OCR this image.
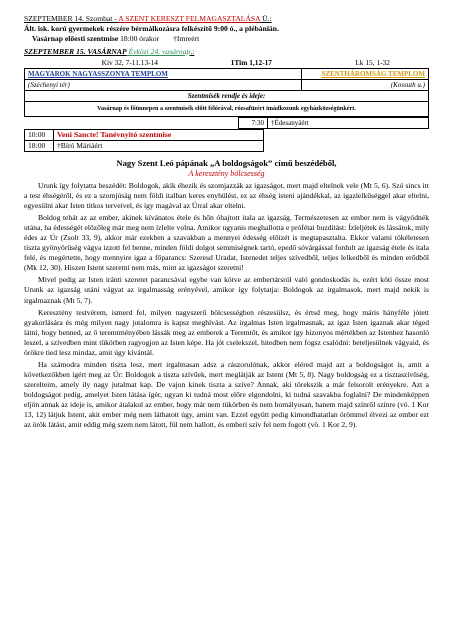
SZEPTEMBER 14. Szombat - A SZENT KERESZT FELMAGASZTALÁSA Ü.:
Ált. isk. korú gyermekek részére bérmálkozásra felkészítő 9:00 ó., a plébánián.
Vasárnap előesti szentmise 18:00 órakor †Imreért
SZEPTEMBER 15. VASÁRNAP Évközi 24. vasárnap.:
Kiv 32, 7-11.13-14	1Tim 1,12-17	Lk 15, 1-32
MAGYAROK NAGYASSZONYA TEMPLOM	SZENTHÁROMSÁG TEMPLOM
(Széchenyi tér)	(Kossuth u.)
Szentmisék rendje és ideje:	
Vasárnap és főünnepen a szentmisék előtt félórával, rózsafüzért imádkozunk egyházközségünkért.	
	7:30	†Édesanyáért
10:00	Veni Sancte! Tanévnyitó szentmise
18:00	†Bíró Máriáért
Nagy Szent Leó pápának „A boldogságok” című beszédéből,
A keresztény bölcsesség

Urunk így folytatta beszédét: Boldogok, akik éhezik és szomjazzák az igazságot, mert majd eltelnek vele (Mt 5, 6). Szó sincs itt a test éhségéről, és ez a szomjúság nem földi italban keres enyhülést, ez az éhség isteni ajándékkal, az igazlelkűséggel akar eltelni, egyesülni akar Isten titkos terveivel, és így magával az Úrral akar eltelni.

Boldog tehát az az ember, akinek kívánatos étele és hőn óhajtott itala az igazság. Természetesen az ember nem is vágyódnék utána, ha édességét előzőleg már meg nem ízlelte volna. Amikor ugyanis meghallotta e prófétai buzdítást: Ízleljétek és lássátok, mily édes az Úr (Zsolt 33, 9), akkor már ezekben a szavakban a mennyei édesség előízét is megtapasztalta. Ekkor valami tökéletesen tiszta gyönyörűség vágya izzott fel benne, minden földi dolgot semmiségnek tartó, epedő sóvárgással fordult az igazság étele és itala felé, és megértette, hogy mennyire igaz a főparancs: Szeresd Uradat, Istenedet teljes szívedből, teljes lelkedből és minden erődből (Mk 12, 30). Hiszen Istent szeretni nem más, mint az igazságot szeretni!

Mivel pedig az Isten iránti szeretet parancsával egybe van kötve az embertársról való gondoskodás is, ezért köti össze most Urunk az igazság utáni vágyat az irgalmasság erényével, amikor így folytatja: Boldogok az irgalmasok, mert majd nekik is irgalmaznak (Mt 5, 7).

Keresztény testvérem, ismerd fel, milyen nagyszerű bölcsességben részesülsz, és értsd meg, hogy máris hányféle jótett gyakorlására és még milyen nagy jutalomra is kapsz meghívást. Az irgalmas Isten irgalmasnak, az igaz Isten igaznak akar téged látni, hogy benned, az ő teremtményében lássák meg az emberek a Teremtőt, és amikor így bizonyos mértékben az Istenhez hasonló leszel, a szívedben mint tükörben ragyogjon az Isten képe. Ha jót cselekszel, hitedben nem fogsz csalódni: beteljesülnek vágyaid, és örökre tied lesz mindaz, amit úgy kívántál.

Ha számodra minden tiszta lesz, mert irgalmasan adsz a rászorulónak, akkor eléred majd azt a boldogságot is, amit a következőkben ígért meg az Úr: Boldogok a tiszta szívűek, mert meglátják az Istent (Mt 5, 8). Nagy boldogság ez a tisztaszívűség, szerelteim, amely ily nagy jutalmat kap. De vajon kinek tiszta a szíve? Annak, aki törekszik a már felsorolt erényekre. Azt a boldogságot pedig, amelyet Isten látása ígér, ugyan ki tudná most előre elgondolni, ki tudná szavakba foglalni? De mindenképpen eljön annak az ideje is, amikor átalakul az ember, hogy már nem tükörben és nem homályosan, hanem majd színről színre (vö. 1 Kor 13, 12) látjuk Istent, akit ember még nem láthatott úgy, amint van. Ezzel együtt pedig kimondhatatlan örömmel élvezi az ember ezt az örök látást, amit eddig még szem nem látott, fül nem hallott, és emberi szív fel nem fogott (vö. 1 Kor 2, 9).
